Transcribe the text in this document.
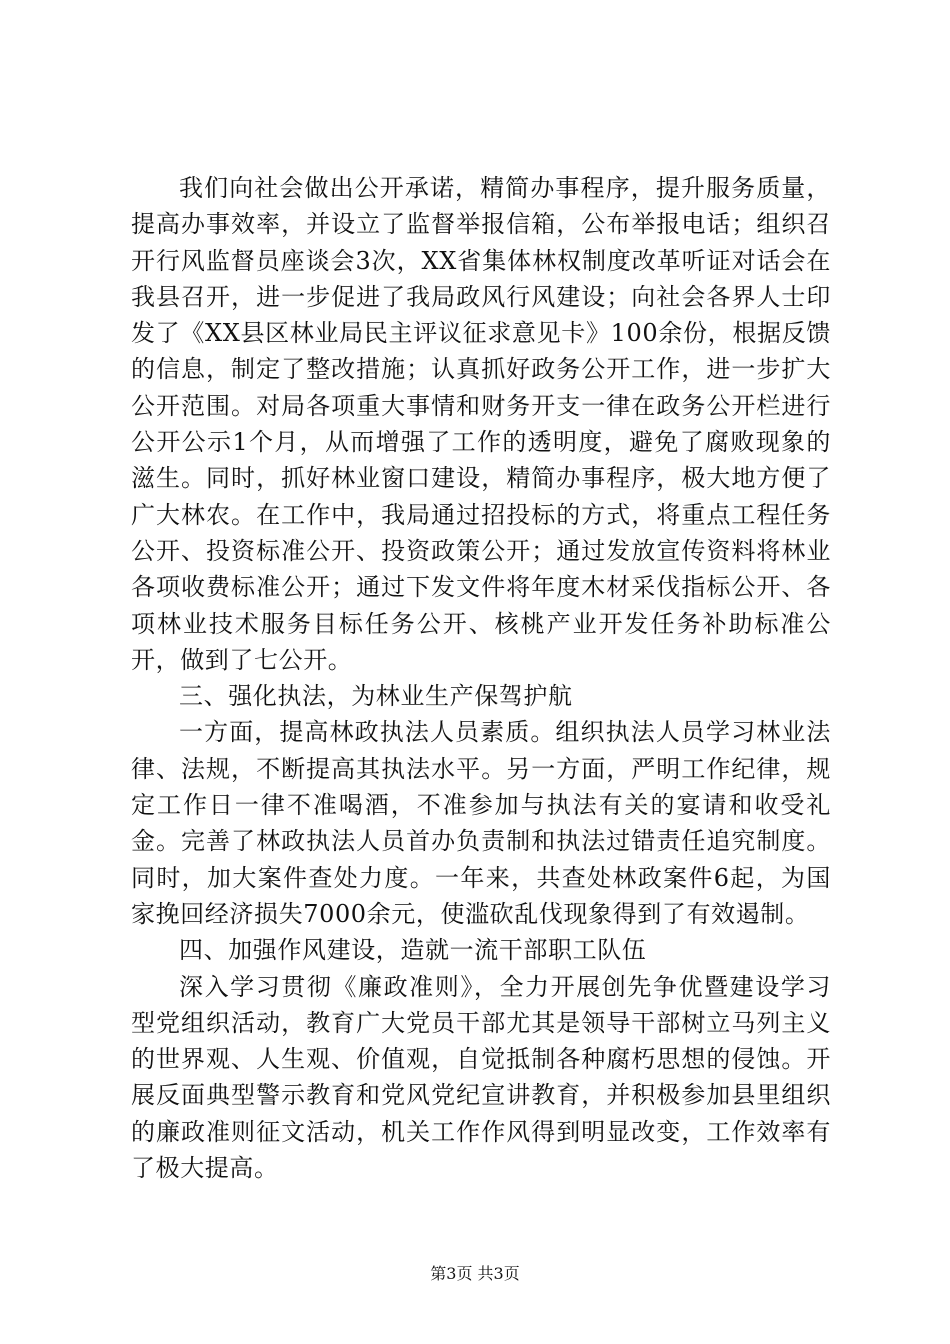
我们向社会做出公开承诺，精简办事程序，提升服务质量，提高办事效率，并设立了监督举报信箱，公布举报电话；组织召开行风监督员座谈会3次，XX省集体林权制度改革听证对话会在我县召开，进一步促进了我局政风行风建设；向社会各界人士印发了《XX县区林业局民主评议征求意见卡》100余份，根据反馈的信息，制定了整改措施；认真抓好政务公开工作，进一步扩大公开范围。对局各项重大事情和财务开支一律在政务公开栏进行公开公示1个月，从而增强了工作的透明度，避免了腐败现象的滋生。同时，抓好林业窗口建设，精简办事程序，极大地方便了广大林农。在工作中，我局通过招投标的方式，将重点工程任务公开、投资标准公开、投资政策公开；通过发放宣传资料将林业各项收费标准公开；通过下发文件将年度木材采伐指标公开、各项林业技术服务目标任务公开、核桃产业开发任务补助标准公开，做到了七公开。

三、强化执法，为林业生产保驾护航

一方面，提高林政执法人员素质。组织执法人员学习林业法律、法规，不断提高其执法水平。另一方面，严明工作纪律，规定工作日一律不准喝酒，不准参加与执法有关的宴请和收受礼金。完善了林政执法人员首办负责制和执法过错责任追究制度。同时，加大案件查处力度。一年来，共查处林政案件6起，为国家挽回经济损失7000余元，使滥砍乱伐现象得到了有效遏制。

四、加强作风建设，造就一流干部职工队伍

深入学习贯彻《廉政准则》，全力开展创先争优暨建设学习型党组织活动，教育广大党员干部尤其是领导干部树立马列主义的世界观、人生观、价值观，自觉抵制各种腐朽思想的侵蚀。开展反面典型警示教育和党风党纪宣讲教育，并积极参加县里组织的廉政准则征文活动，机关工作作风得到明显改变，工作效率有了极大提高。

第3页 共3页
